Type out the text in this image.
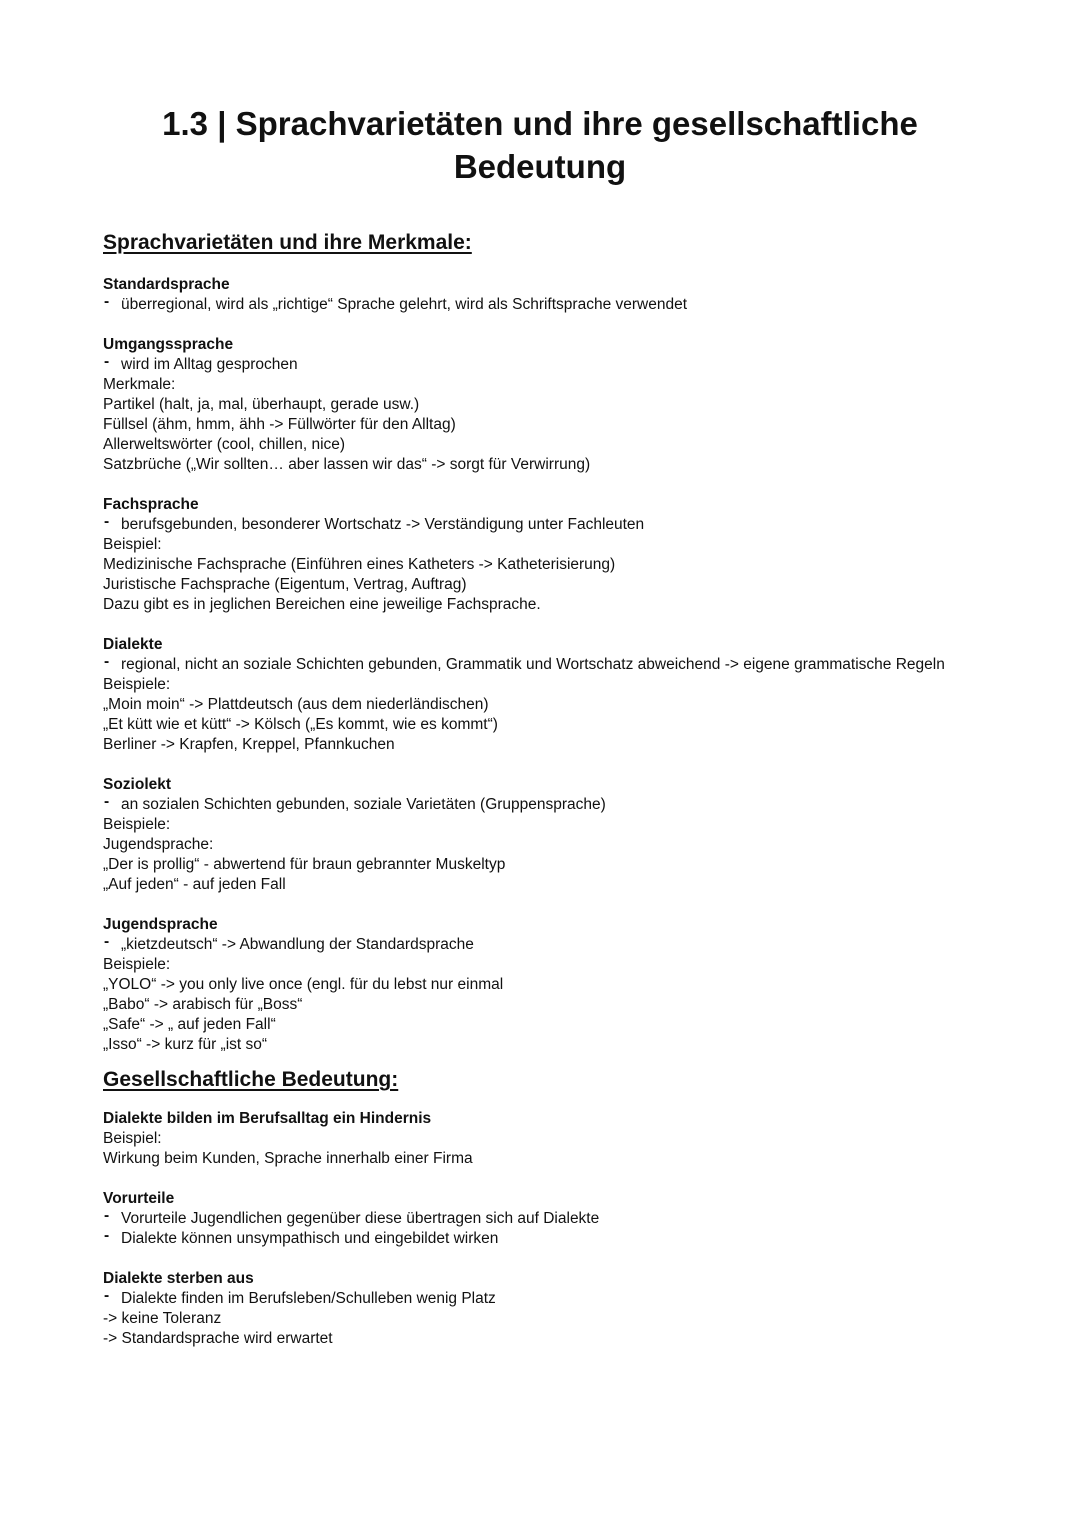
1.3 | Sprachvarietäten und ihre gesellschaftliche
Bedeutung
Sprachvarietäten und ihre Merkmale:
Standardsprache
- überregional, wird als „richtige“ Sprache gelehrt, wird als Schriftsprache verwendet
Umgangssprache
- wird im Alltag gesprochen
Merkmale:
Partikel (halt, ja, mal, überhaupt, gerade usw.)
Füllsel (ähm, hmm, ähh -> Füllwörter für den Alltag)
Allerweltswörter (cool, chillen, nice)
Satzbrüche („Wir sollten… aber lassen wir das“ -> sorgt für Verwirrung)
Fachsprache
- berufsgebunden, besonderer Wortschatz -> Verständigung unter Fachleuten
Beispiel:
Medizinische Fachsprache (Einführen eines Katheters -> Katheterisierung)
Juristische Fachsprache (Eigentum, Vertrag, Auftrag)
Dazu gibt es in jeglichen Bereichen eine jeweilige Fachsprache.
Dialekte
- regional, nicht an soziale Schichten gebunden, Grammatik und Wortschatz abweichend -> eigene grammatische Regeln
Beispiele:
„Moin moin“ -> Plattdeutsch (aus dem niederländischen)
„Et kütt wie et kütt“ -> Kölsch („Es kommt, wie es kommt“)
Berliner -> Krapfen, Kreppel, Pfannkuchen
Soziolekt
- an sozialen Schichten gebunden, soziale Varietäten (Gruppensprache)
Beispiele:
Jugendsprache:
„Der is prollig“ - abwertend für braun gebrannter Muskeltyp
„Auf jeden“ - auf jeden Fall
Jugendsprache
- „kietzdeutsch“ -> Abwandlung der Standardsprache
Beispiele:
„YOLO“ -> you only live once (engl. für du lebst nur einmal
„Babo“ -> arabisch für „Boss“
„Safe“ -> „ auf jeden Fall“
„Isso“ -> kurz für „ist so“
Gesellschaftliche Bedeutung:
Dialekte bilden im Berufsalltag ein Hindernis
Beispiel:
Wirkung beim Kunden, Sprache innerhalb einer Firma
Vorurteile
- Vorurteile Jugendlichen gegenüber diese übertragen sich auf Dialekte
- Dialekte können unsympathisch und eingebildet wirken
Dialekte sterben aus
- Dialekte finden im Berufsleben/Schulleben wenig Platz
-> keine Toleranz
-> Standardsprache wird erwartet
